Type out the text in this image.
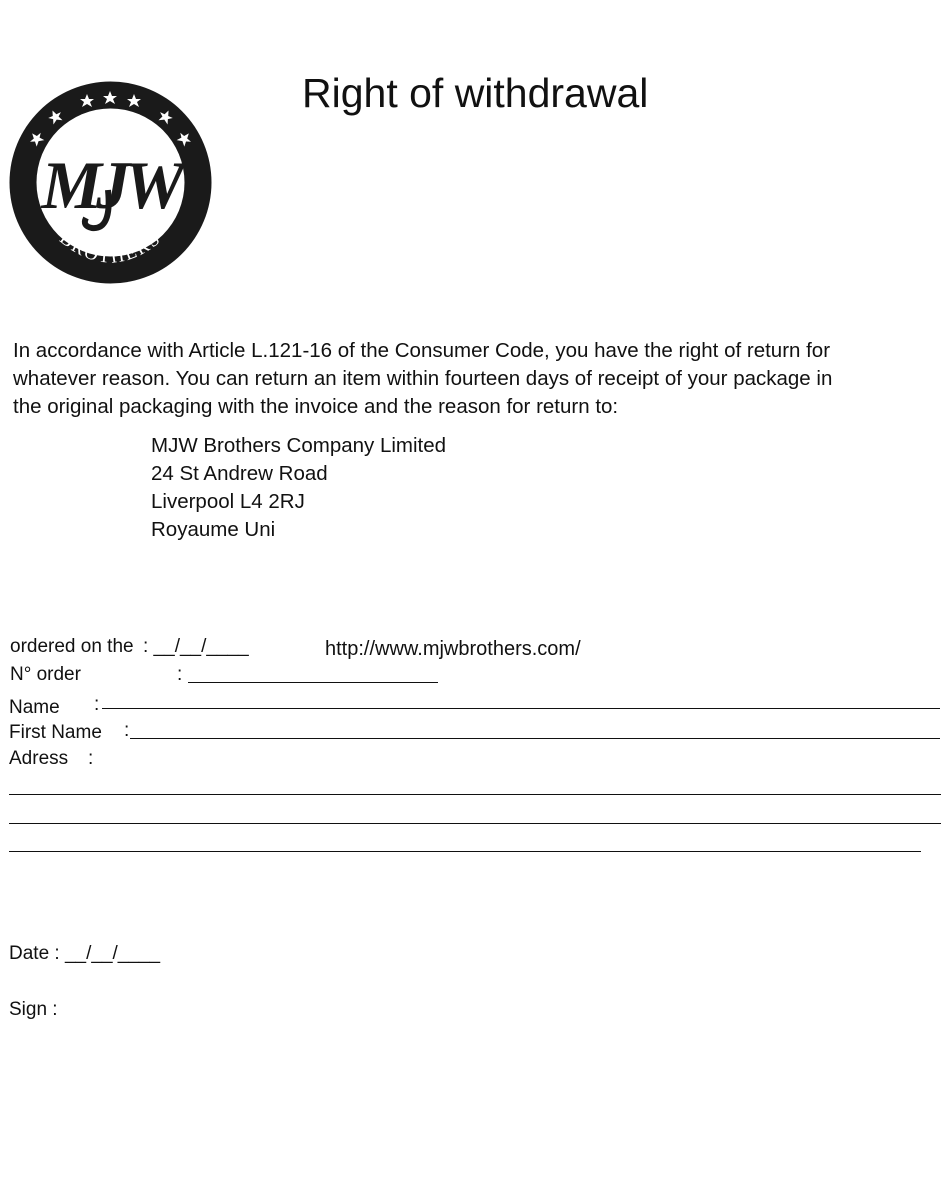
MJW
BROTHERS
Right of withdrawal
In accordance with Article L.121-16 of the Consumer Code, you have the right of return for
whatever reason. You can return an item within fourteen days of receipt of your package in
the original packaging with the invoice and the reason for return to:
MJW Brothers Company Limited
24 St Andrew Road
Liverpool L4 2RJ
Royaume Uni
ordered on the : __/__/____	http://www.mjwbrothers.com/
N° order	:
Name :
First Name :
Adress :
Date : __/__/____
Sign :
